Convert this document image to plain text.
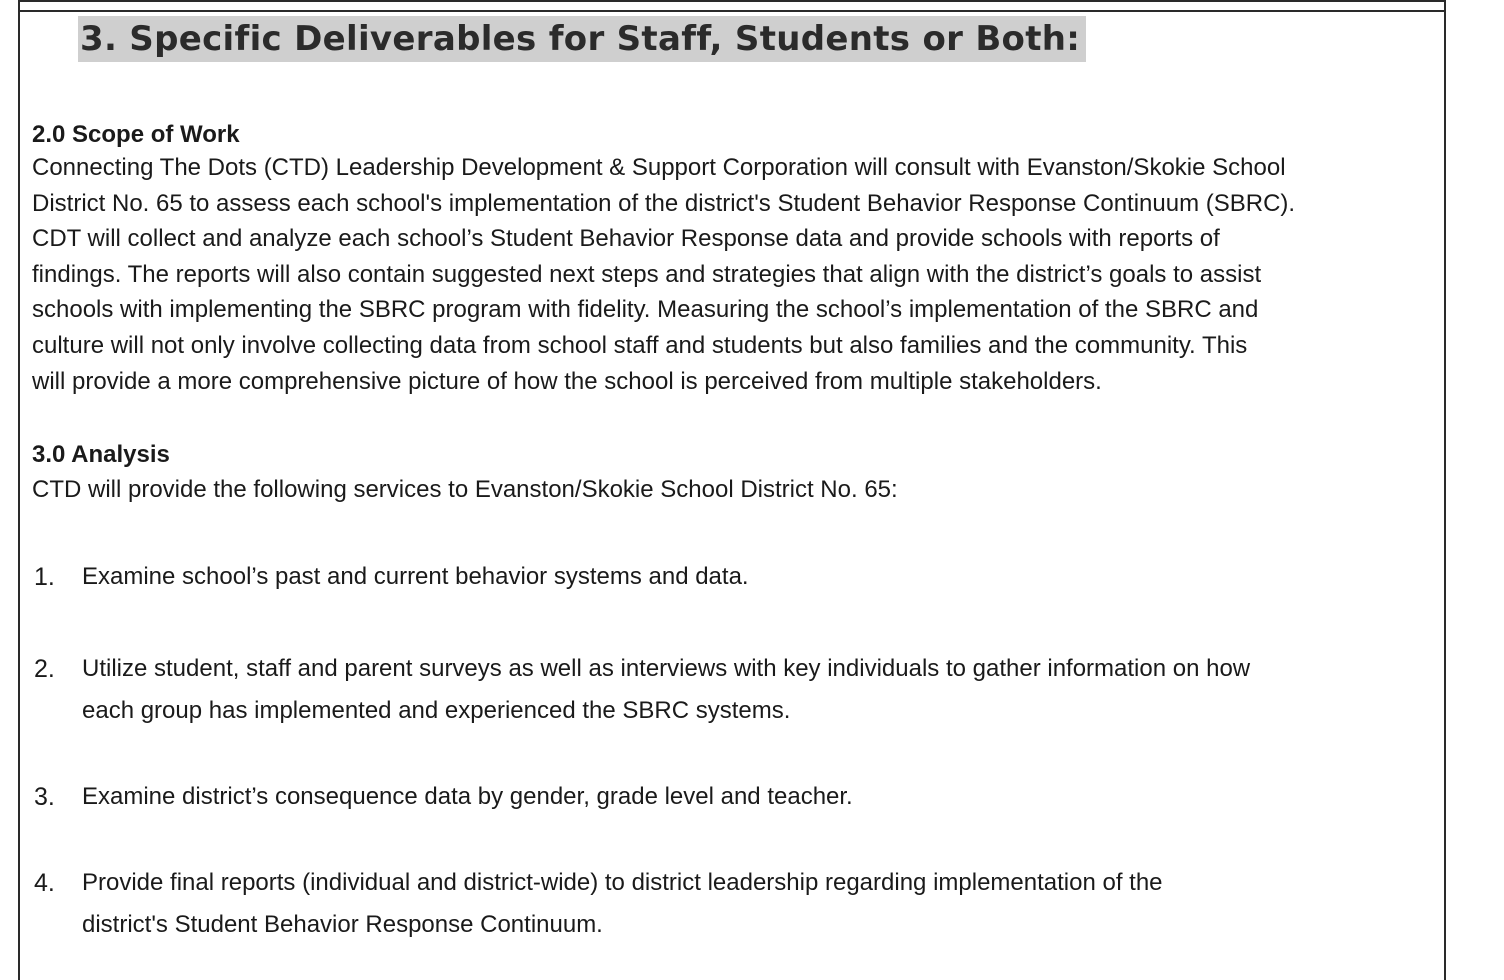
3. Specific Deliverables for Staff, Students or Both:

2.0 Scope of Work

Connecting The Dots (CTD) Leadership Development & Support Corporation will consult with Evanston/Skokie School
District No. 65 to assess each school's implementation of the district's Student Behavior Response Continuum (SBRC).
CDT will collect and analyze each school’s Student Behavior Response data and provide schools with reports of
findings. The reports will also contain suggested next steps and strategies that align with the district’s goals to assist
schools with implementing the SBRC program with fidelity. Measuring the school’s implementation of the SBRC and
culture will not only involve collecting data from school staff and students but also families and the community. This
will provide a more comprehensive picture of how the school is perceived from multiple stakeholders.

3.0 Analysis

CTD will provide the following services to Evanston/Skokie School District No. 65:

1.	Examine school’s past and current behavior systems and data.
2.	Utilize student, staff and parent surveys as well as interviews with key individuals to gather information on how
each group has implemented and experienced the SBRC systems.
3.	Examine district’s consequence data by gender, grade level and teacher.
4.	Provide final reports (individual and district-wide) to district leadership regarding implementation of the
district's Student Behavior Response Continuum.
